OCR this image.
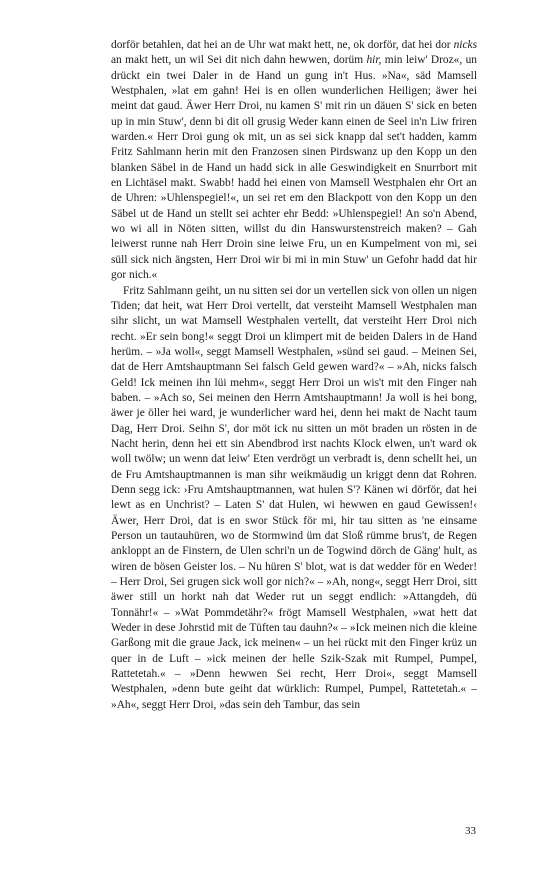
dorför betahlen, dat hei an de Uhr wat makt hett, ne, ok dorför, dat hei dor nicks an makt hett, un wil Sei dit nich dahn hewwen, dorüm hir, min leiw' Droz«, un drückt ein twei Daler in de Hand un gung in't Hus. »Na«, säd Mamsell Westphalen, »lat em gahn! Hei is en ollen wunderlichen Heiligen; äwer hei meint dat gaud. Äwer Herr Droi, nu kamen S' mit rin un däuen S' sick en beten up in min Stuw', denn bi dit oll grusig Weder kann einen de Seel in'n Liw friren warden.« Herr Droi gung ok mit, un as sei sick knapp dal set't hadden, kamm Fritz Sahlmann herin mit den Franzosen sinen Pirdswanz up den Kopp un den blanken Säbel in de Hand un hadd sick in alle Geswindigkeit en Snurrbort mit en Lichtäsel makt. Swabb! hadd hei einen von Mamsell Westphalen ehr Ort an de Uhren: »Uhlenspegiel!«, un sei ret em den Blackpott von den Kopp un den Säbel ut de Hand un stellt sei achter ehr Bedd: »Uhlenspegiel! An so'n Abend, wo wi all in Nöten sitten, willst du din Hanswurstenstreich maken? – Gah leiwerst runne nah Herr Droin sine leiwe Fru, un en Kumpelment von mi, sei süll sick nich ängsten, Herr Droi wir bi mi in min Stuw' un Gefohr hadd dat hir gor nich.«

Fritz Sahlmann geiht, un nu sitten sei dor un vertellen sick von ollen un nigen Tiden; dat heit, wat Herr Droi vertellt, dat versteiht Mamsell Westphalen man sihr slicht, un wat Mamsell Westphalen vertellt, dat versteiht Herr Droi nich recht. »Er sein bong!« seggt Droi un klimpert mit de beiden Dalers in de Hand herüm. – »Ja woll«, seggt Mamsell Westphalen, »sünd sei gaud. – Meinen Sei, dat de Herr Amtshauptmann Sei falsch Geld gewen ward?« – »Ah, nicks falsch Geld! Ick meinen ihn lüi mehm«, seggt Herr Droi un wis't mit den Finger nah baben. – »Ach so, Sei meinen den Herrn Amtshauptmann! Ja woll is hei bong, äwer je öller hei ward, je wunderlicher ward hei, denn hei makt de Nacht taum Dag, Herr Droi. Seihn S', dor möt ick nu sitten un möt braden un rösten in de Nacht herin, denn hei ett sin Abendbrod irst nachts Klock elwen, un't ward ok woll twölw; un wenn dat leiw' Eten verdrögt un verbradt is, denn schellt hei, un de Fru Amtshauptmannen is man sihr weikmäudig un kriggt denn dat Rohren. Denn segg ick: ›Fru Amtshauptmannen, wat hulen S'? Känen wi dörför, dat hei lewt as en Unchrist? – Laten S' dat Hulen, wi hewwen en gaud Gewissen!‹ Äwer, Herr Droi, dat is en swor Stück för mi, hir tau sitten as 'ne einsame Person un tautauhüren, wo de Stormwind üm dat Sloß rümme brus't, de Regen ankloppt an de Finstern, de Ulen schri'n un de Togwind dörch de Gäng' hult, as wiren de bösen Geister los. – Nu hüren S' blot, wat is dat wedder för en Weder! – Herr Droi, Sei grugen sick woll gor nich?« – »Ah, nong«, seggt Herr Droi, sitt äwer still un horkt nah dat Weder rut un seggt endlich: »Attangdeh, dü Tonnähr!« – »Wat Pommdetähr?« frögt Mamsell Westphalen, »wat hett dat Weder in dese Johrstid mit de Tüften tau dauhn?« – »Ick meinen nich die kleine Garßong mit die graue Jack, ick meinen« – un hei rückt mit den Finger krüz un quer in de Luft – »ick meinen der helle Szik-Szak mit Rumpel, Pumpel, Rattetetah.« – »Denn hewwen Sei recht, Herr Droi«, seggt Mamsell Westphalen, »denn bute geiht dat würklich: Rumpel, Pumpel, Rattetetah.« – »Ah«, seggt Herr Droi, »das sein deh Tambur, das sein

33
